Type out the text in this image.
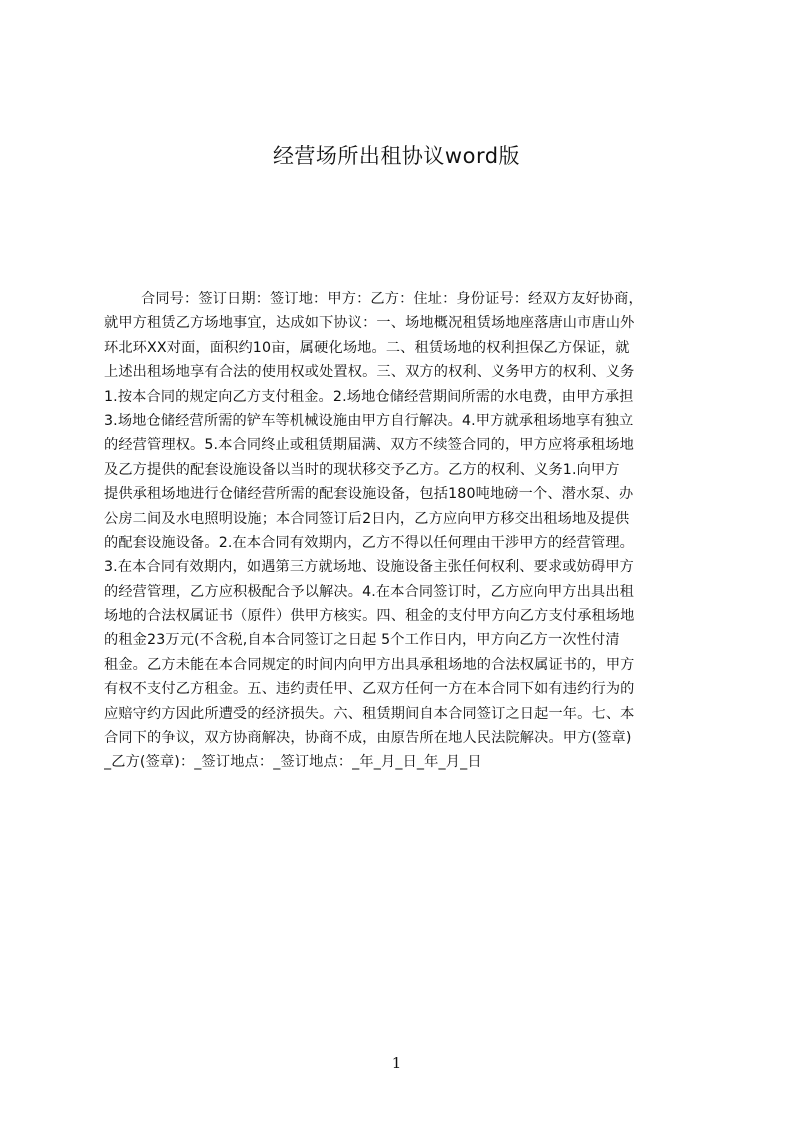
经营场所出租协议word版
合同号：签订日期：签订地：甲方：乙方：住址：身份证号：经双方友好协商，
就甲方租赁乙方场地事宜，达成如下协议：一、场地概况租赁场地座落唐山市唐山外
环北环XX对面，面积约10亩，属硬化场地。二、租赁场地的权利担保乙方保证，就
上述出租场地享有合法的使用权或处置权。三、双方的权利、义务甲方的权利、义务
1.按本合同的规定向乙方支付租金。2.场地仓储经营期间所需的水电费，由甲方承担
3.场地仓储经营所需的铲车等机械设施由甲方自行解决。4.甲方就承租场地享有独立
的经营管理权。5.本合同终止或租赁期届满、双方不续签合同的，甲方应将承租场地
及乙方提供的配套设施设备以当时的现状移交予乙方。乙方的权利、义务1.向甲方
提供承租场地进行仓储经营所需的配套设施设备，包括180吨地磅一个、潜水泵、办
公房二间及水电照明设施；本合同签订后2日内，乙方应向甲方移交出租场地及提供
的配套设施设备。2.在本合同有效期内，乙方不得以任何理由干涉甲方的经营管理。
3.在本合同有效期内，如遇第三方就场地、设施设备主张任何权利、要求或妨碍甲方
的经营管理，乙方应积极配合予以解决。4.在本合同签订时，乙方应向甲方出具出租
场地的合法权属证书（原件）供甲方核实。四、租金的支付甲方向乙方支付承租场地
的租金23万元(不含税,自本合同签订之日起 5个工作日内，甲方向乙方一次性付清
租金。乙方未能在本合同规定的时间内向甲方出具承租场地的合法权属证书的，甲方
有权不支付乙方租金。五、违约责任甲、乙双方任何一方在本合同下如有违约行为的
应赔守约方因此所遭受的经济损失。六、租赁期间自本合同签订之日起一年。七、本
合同下的争议，双方协商解决，协商不成，由原告所在地人民法院解决。甲方(签章)
_乙方(签章)：_签订地点：_签订地点：_年_月_日_年_月_日
1
